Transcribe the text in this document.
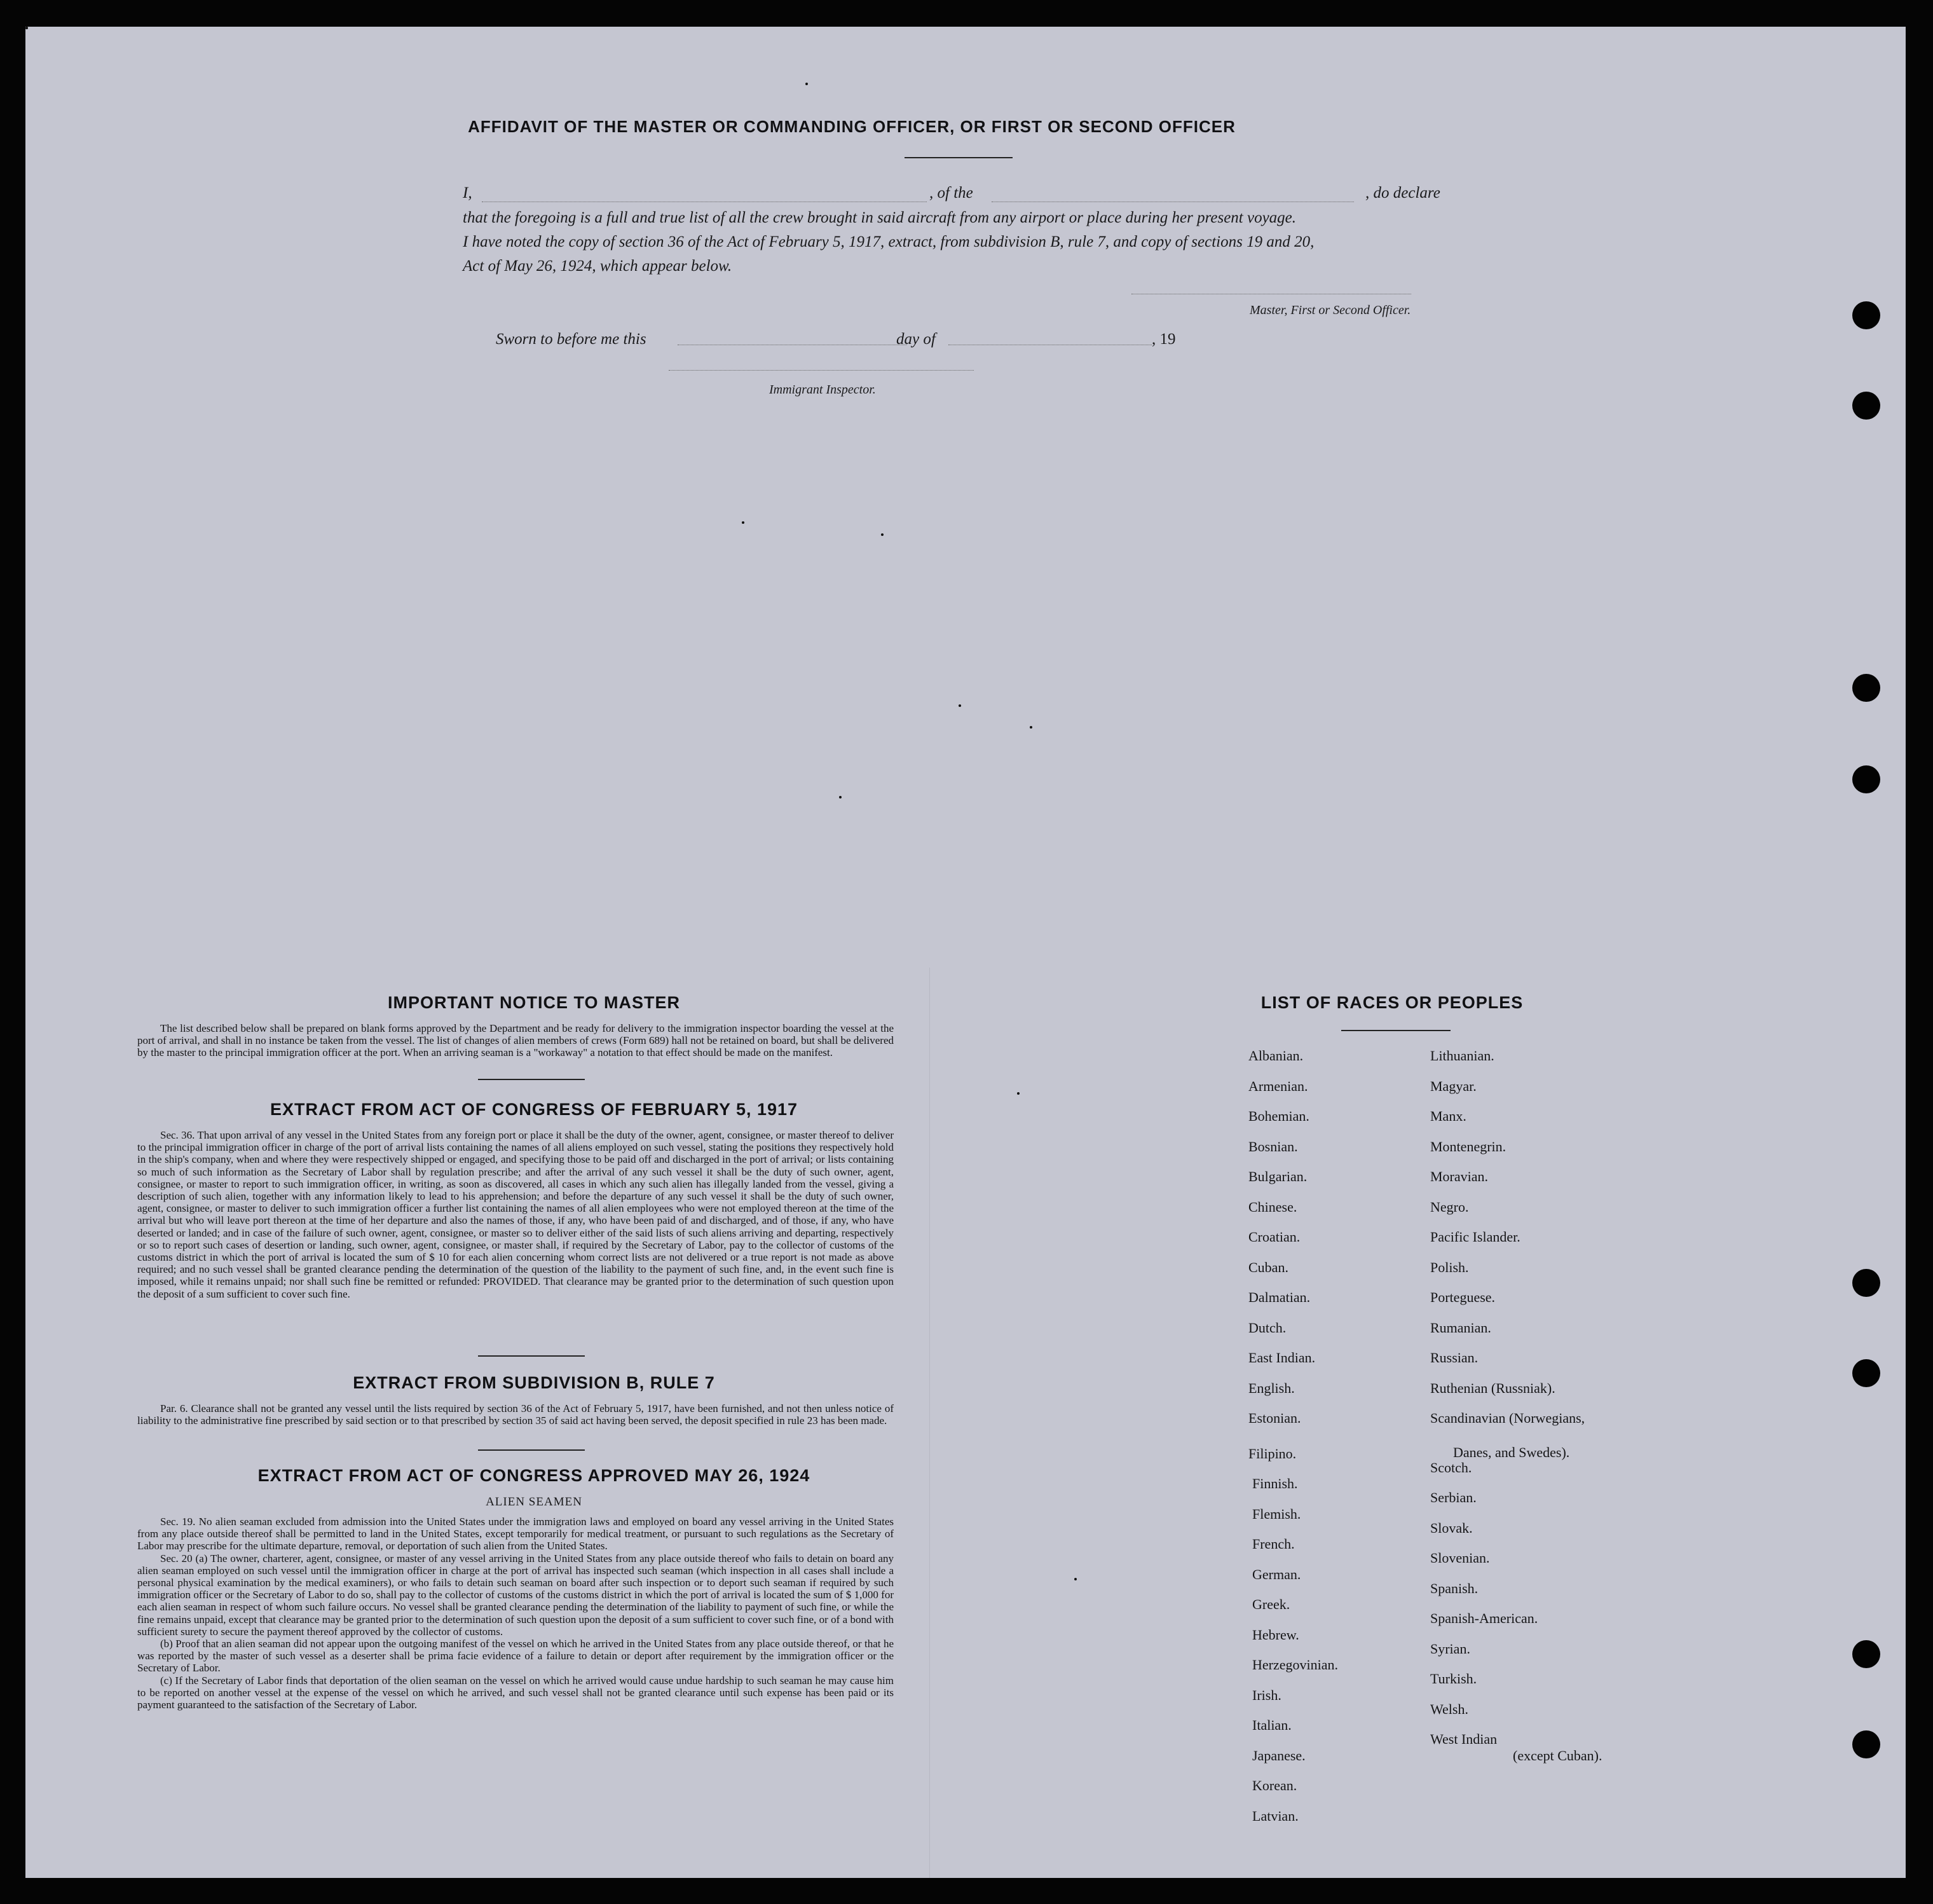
AFFIDAVIT OF THE MASTER OR COMMANDING OFFICER, OR FIRST OR SECOND OFFICER
I,	, of the	, do declare
that the foregoing is a full and true list of all the crew brought in said aircraft from any airport or place during her present voyage.
I have noted the copy of section 36 of the Act of February 5, 1917, extract, from subdivision B, rule 7, and copy of sections 19 and 20,
Act of May 26, 1924, which appear below.
Master, First or Second Officer.
Sworn to before me this	day of	, 19
Immigrant Inspector.
IMPORTANT NOTICE TO MASTER
The list described below shall be prepared on blank forms approved by the Department and be ready for delivery to the immigration inspector boarding the vessel at the port of arrival, and shall in no instance be taken from the vessel. The list of changes of alien members of crews (Form 689) hall not be retained on board, but shall be delivered by the master to the principal immigration officer at the port. When an arriving seaman is a "workaway" a notation to that effect should be made on the manifest.
EXTRACT FROM ACT OF CONGRESS OF FEBRUARY 5, 1917
Sec. 36. That upon arrival of any vessel in the United States from any foreign port or place it shall be the duty of the owner, agent, consignee, or master thereof to deliver to the principal immigration officer in charge of the port of arrival lists containing the names of all aliens employed on such vessel, stating the positions they respectively hold in the ship's company, when and where they were respectively shipped or engaged, and specifying those to be paid off and discharged in the port of arrival; or lists containing so much of such information as the Secretary of Labor shall by regulation prescribe; and after the arrival of any such vessel it shall be the duty of such owner, agent, consignee, or master to report to such immigration officer, in writing, as soon as discovered, all cases in which any such alien has illegally landed from the vessel, giving a description of such alien, together with any information likely to lead to his apprehension; and before the departure of any such vessel it shall be the duty of such owner, agent, consignee, or master to deliver to such immigration officer a further list containing the names of all alien employees who were not employed thereon at the time of the arrival but who will leave port thereon at the time of her departure and also the names of those, if any, who have been paid of and discharged, and of those, if any, who have deserted or landed; and in case of the failure of such owner, agent, consignee, or master so to deliver either of the said lists of such aliens arriving and departing, respectively or so to report such cases of desertion or landing, such owner, agent, consignee, or master shall, if required by the Secretary of Labor, pay to the collector of customs of the customs district in which the port of arrival is located the sum of $ 10 for each alien concerning whom correct lists are not delivered or a true report is not made as above required; and no such vessel shall be granted clearance pending the determination of the question of the liability to the payment of such fine, and, in the event such fine is imposed, while it remains unpaid; nor shall such fine be remitted or refunded: PROVIDED. That clearance may be granted prior to the determination of such question upon the deposit of a sum sufficient to cover such fine.
EXTRACT FROM SUBDIVISION B, RULE 7
Par. 6. Clearance shall not be granted any vessel until the lists required by section 36 of the Act of February 5, 1917, have been furnished, and not then unless notice of liability to the administrative fine prescribed by said section or to that prescribed by section 35 of said act having been served, the deposit specified in rule 23 has been made.
EXTRACT FROM ACT OF CONGRESS APPROVED MAY 26, 1924
ALIEN SEAMEN

Sec. 19. No alien seaman excluded from admission into the United States under the immigration laws and employed on board any vessel arriving in the United States from any place outside thereof shall be permitted to land in the United States, except temporarily for medical treatment, or pursuant to such regulations as the Secretary of Labor may prescribe for the ultimate departure, removal, or deportation of such alien from the United States.

Sec. 20 (a) The owner, charterer, agent, consignee, or master of any vessel arriving in the United States from any place outside thereof who fails to detain on board any alien seaman employed on such vessel until the immigration officer in charge at the port of arrival has inspected such seaman (which inspection in all cases shall include a personal physical examination by the medical examiners), or who fails to detain such seaman on board after such inspection or to deport such seaman if required by such immigration officer or the Secretary of Labor to do so, shall pay to the collector of customs of the customs district in which the port of arrival is located the sum of $ 1,000 for each alien seaman in respect of whom such failure occurs. No vessel shall be granted clearance pending the determination of the liability to payment of such fine, or while the fine remains unpaid, except that clearance may be granted prior to the determination of such question upon the deposit of a sum sufficient to cover such fine, or of a bond with sufficient surety to secure the payment thereof approved by the collector of customs.

(b) Proof that an alien seaman did not appear upon the outgoing manifest of the vessel on which he arrived in the United States from any place outside thereof, or that he was reported by the master of such vessel as a deserter shall be prima facie evidence of a failure to detain or deport after requirement by the immigration officer or the Secretary of Labor.

(c) If the Secretary of Labor finds that deportation of the olien seaman on the vessel on which he arrived would cause undue hardship to such seaman he may cause him to be reported on another vessel at the expense of the vessel on which he arrived, and such vessel shall not be granted clearance until such expense has been paid or its payment guaranteed to the satisfaction of the Secretary of Labor.

LIST OF RACES OR PEOPLES
Albanian.
Armenian.
Bohemian.
Bosnian.
Bulgarian.
Chinese.
Croatian.
Cuban.
Dalmatian.
Dutch.
East Indian.
English.
Estonian.
Filipino.
Finnish.
Flemish.
French.
German.
Greek.
Hebrew.
Herzegovinian.
Irish.
Italian.
Japanese.
Korean.
Latvian.
Lithuanian.
Magyar.
Manx.
Montenegrin.
Moravian.
Negro.
Pacific Islander.
Polish.
Porteguese.
Rumanian.
Russian.
Ruthenian (Russniak).
Scandinavian (Norwegians,
Danes, and Swedes).
Scotch.
Serbian.
Slovak.
Slovenian.
Spanish.
Spanish-American.
Syrian.
Turkish.
Welsh.
West Indian
(except Cuban).
